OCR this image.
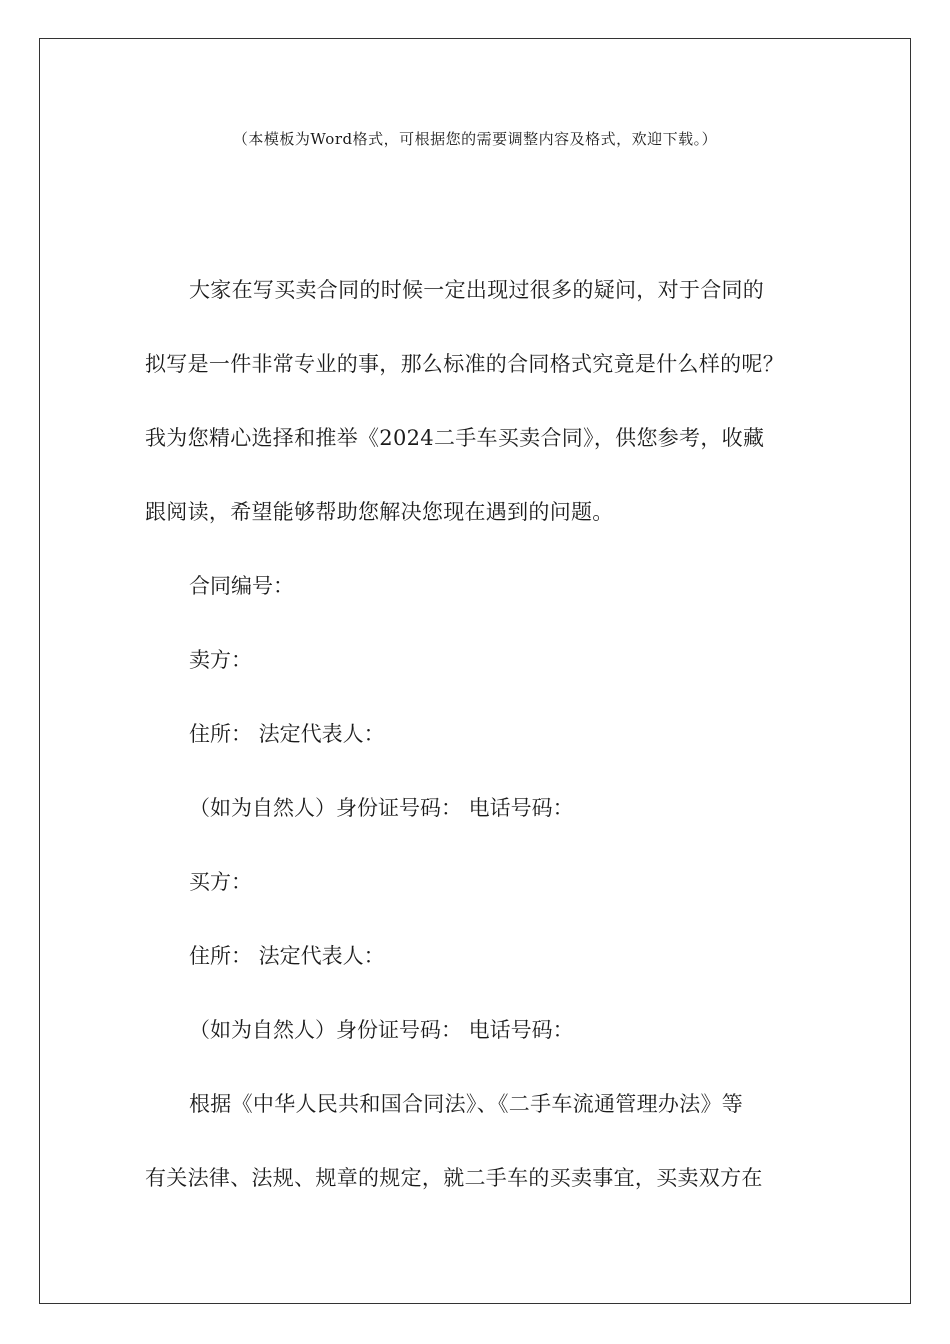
（本模板为Word格式，可根据您的需要调整内容及格式，欢迎下载。）
大家在写买卖合同的时候一定出现过很多的疑问，对于合同的
拟写是一件非常专业的事，那么标准的合同格式究竟是什么样的呢？
我为您精心选择和推举《2024二手车买卖合同》，供您参考，收藏
跟阅读，希望能够帮助您解决您现在遇到的问题。
合同编号：
卖方：
住所： 法定代表人：
（如为自然人）身份证号码： 电话号码：
买方：
住所： 法定代表人：
（如为自然人）身份证号码： 电话号码：
根据《中华人民共和国合同法》、《二手车流通管理办法》等
有关法律、法规、规章的规定，就二手车的买卖事宜，买卖双方在
